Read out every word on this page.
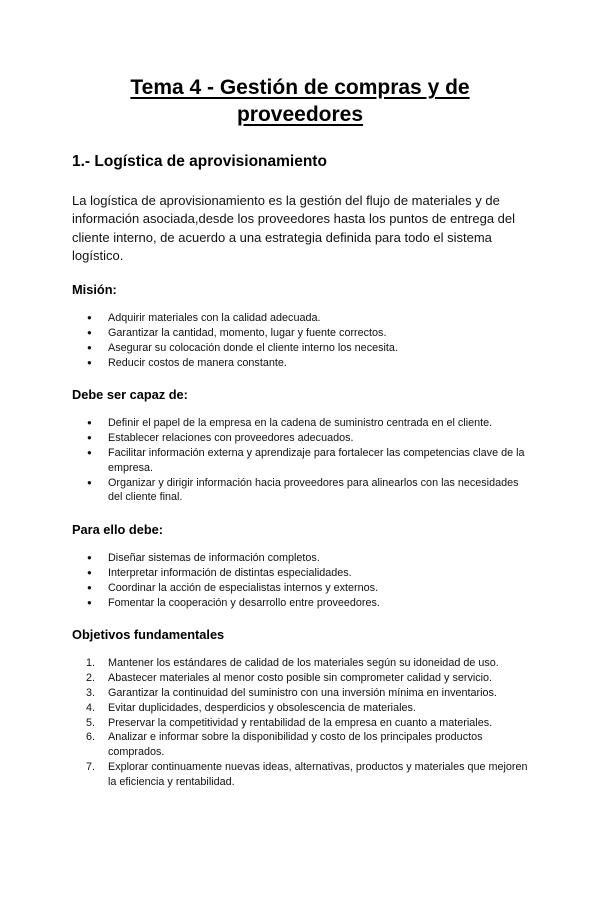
Tema 4 - Gestión de compras y de
proveedores
1.- Logística de aprovisionamiento

La logística de aprovisionamiento es la gestión del flujo de materiales y de información asociada,desde los proveedores hasta los puntos de entrega del cliente interno, de acuerdo a una estrategia definida para todo el sistema logístico.

Misión:
● Adquirir materiales con la calidad adecuada.
● Garantizar la cantidad, momento, lugar y fuente correctos.
● Asegurar su colocación donde el cliente interno los necesita.
● Reducir costos de manera constante.
Debe ser capaz de:
● Definir el papel de la empresa en la cadena de suministro centrada en el cliente.
● Establecer relaciones con proveedores adecuados.
● Facilitar información externa y aprendizaje para fortalecer las competencias clave de la empresa.
● Organizar y dirigir información hacia proveedores para alinearlos con las necesidades del cliente final.
Para ello debe:
● Diseñar sistemas de información completos.
● Interpretar información de distintas especialidades.
● Coordinar la acción de especialistas internos y externos.
● Fomentar la cooperación y desarrollo entre proveedores.
Objetivos fundamentales
1. Mantener los estándares de calidad de los materiales según su idoneidad de uso.
2. Abastecer materiales al menor costo posible sin comprometer calidad y servicio.
3. Garantizar la continuidad del suministro con una inversión mínima en inventarios.
4. Evitar duplicidades, desperdicios y obsolescencia de materiales.
5. Preservar la competitividad y rentabilidad de la empresa en cuanto a materiales.
6. Analizar e informar sobre la disponibilidad y costo de los principales productos comprados.
7. Explorar continuamente nuevas ideas, alternativas, productos y materiales que mejoren la eficiencia y rentabilidad.
